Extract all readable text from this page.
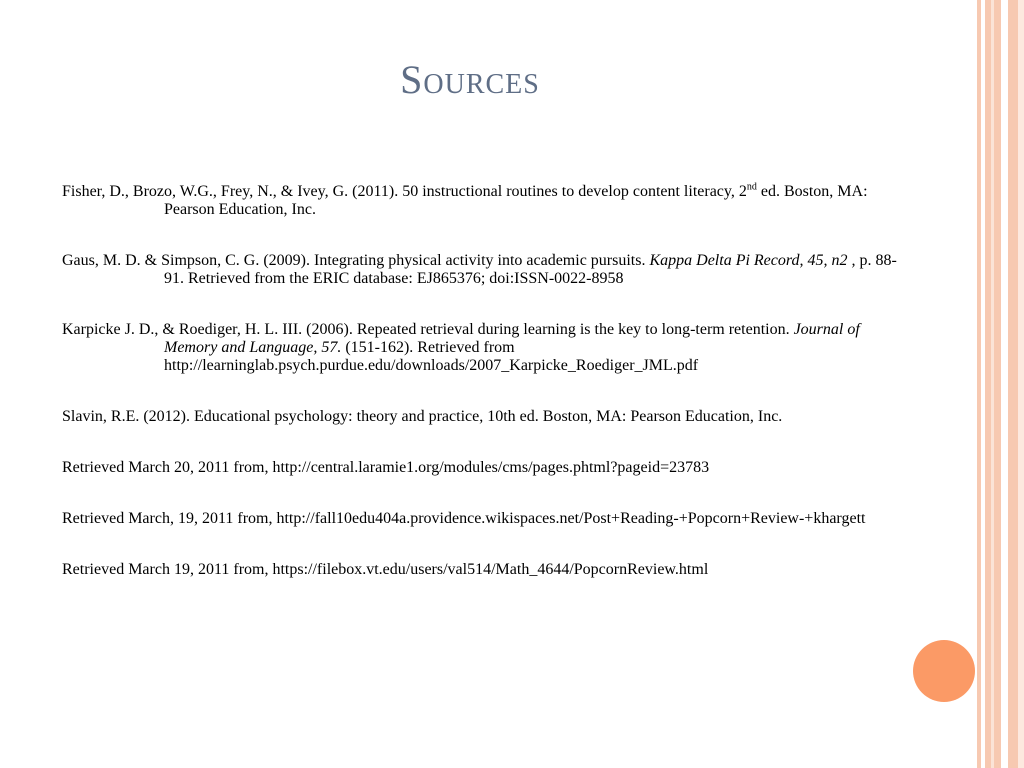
Sources
Fisher, D., Brozo, W.G., Frey, N., & Ivey, G. (2011). 50 instructional routines to develop content literacy, 2nd ed. Boston, MA: Pearson Education, Inc.
Gaus, M. D. & Simpson, C. G. (2009). Integrating physical activity into academic pursuits. Kappa Delta Pi Record, 45, n2 , p. 88-91. Retrieved from the ERIC database: EJ865376; doi:ISSN-0022-8958
Karpicke J. D., & Roediger, H. L. III. (2006). Repeated retrieval during learning is the key to long-term retention. Journal of Memory and Language, 57. (151-162). Retrieved from http://learninglab.psych.purdue.edu/downloads/2007_Karpicke_Roediger_JML.pdf
Slavin, R.E. (2012). Educational psychology: theory and practice, 10th ed. Boston, MA: Pearson Education, Inc.
Retrieved March 20, 2011 from, http://central.laramie1.org/modules/cms/pages.phtml?pageid=23783
Retrieved March, 19, 2011 from, http://fall10edu404a.providence.wikispaces.net/Post+Reading-+Popcorn+Review-+khargett
Retrieved March 19, 2011 from, https://filebox.vt.edu/users/val514/Math_4644/PopcornReview.html
